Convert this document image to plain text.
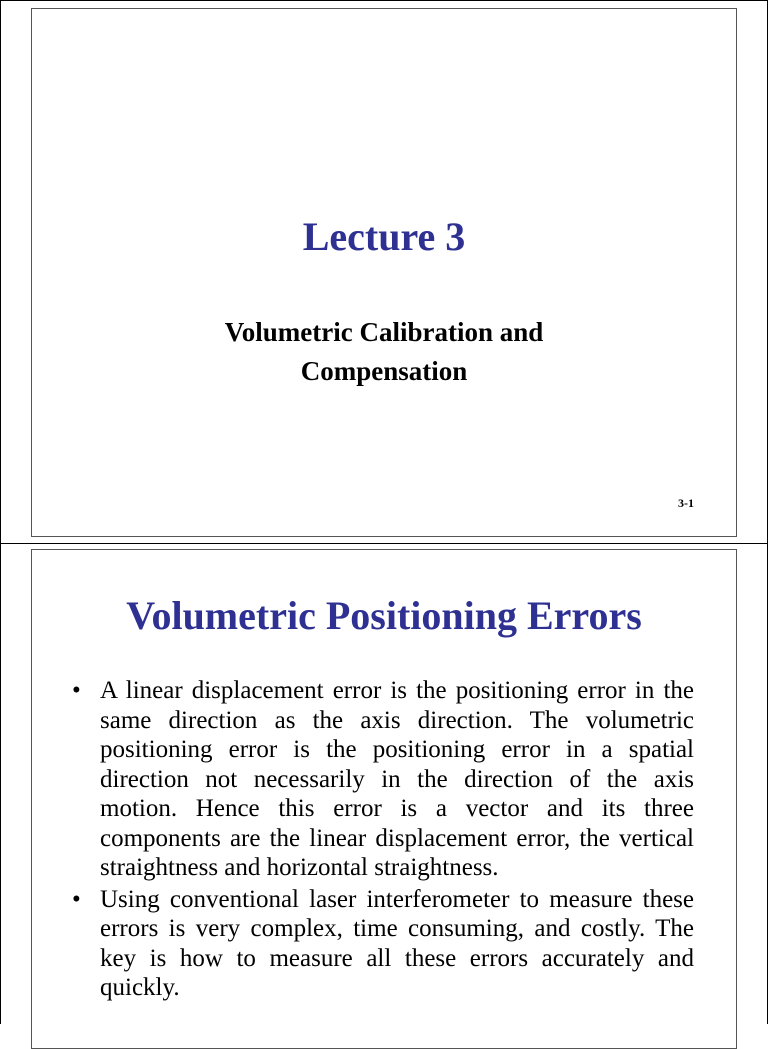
Lecture 3
Volumetric Calibration and
Compensation
3-1
Volumetric Positioning Errors
• A linear displacement error is the positioning error in the same direction as the axis direction. The volumetric positioning error is the positioning error in a spatial direction not necessarily in the direction of the axis motion. Hence this error is a vector and its three components are the linear displacement error, the vertical straightness and horizontal straightness.
• Using conventional laser interferometer to measure these errors is very complex, time consuming, and costly. The key is how to measure all these errors accurately and quickly.
